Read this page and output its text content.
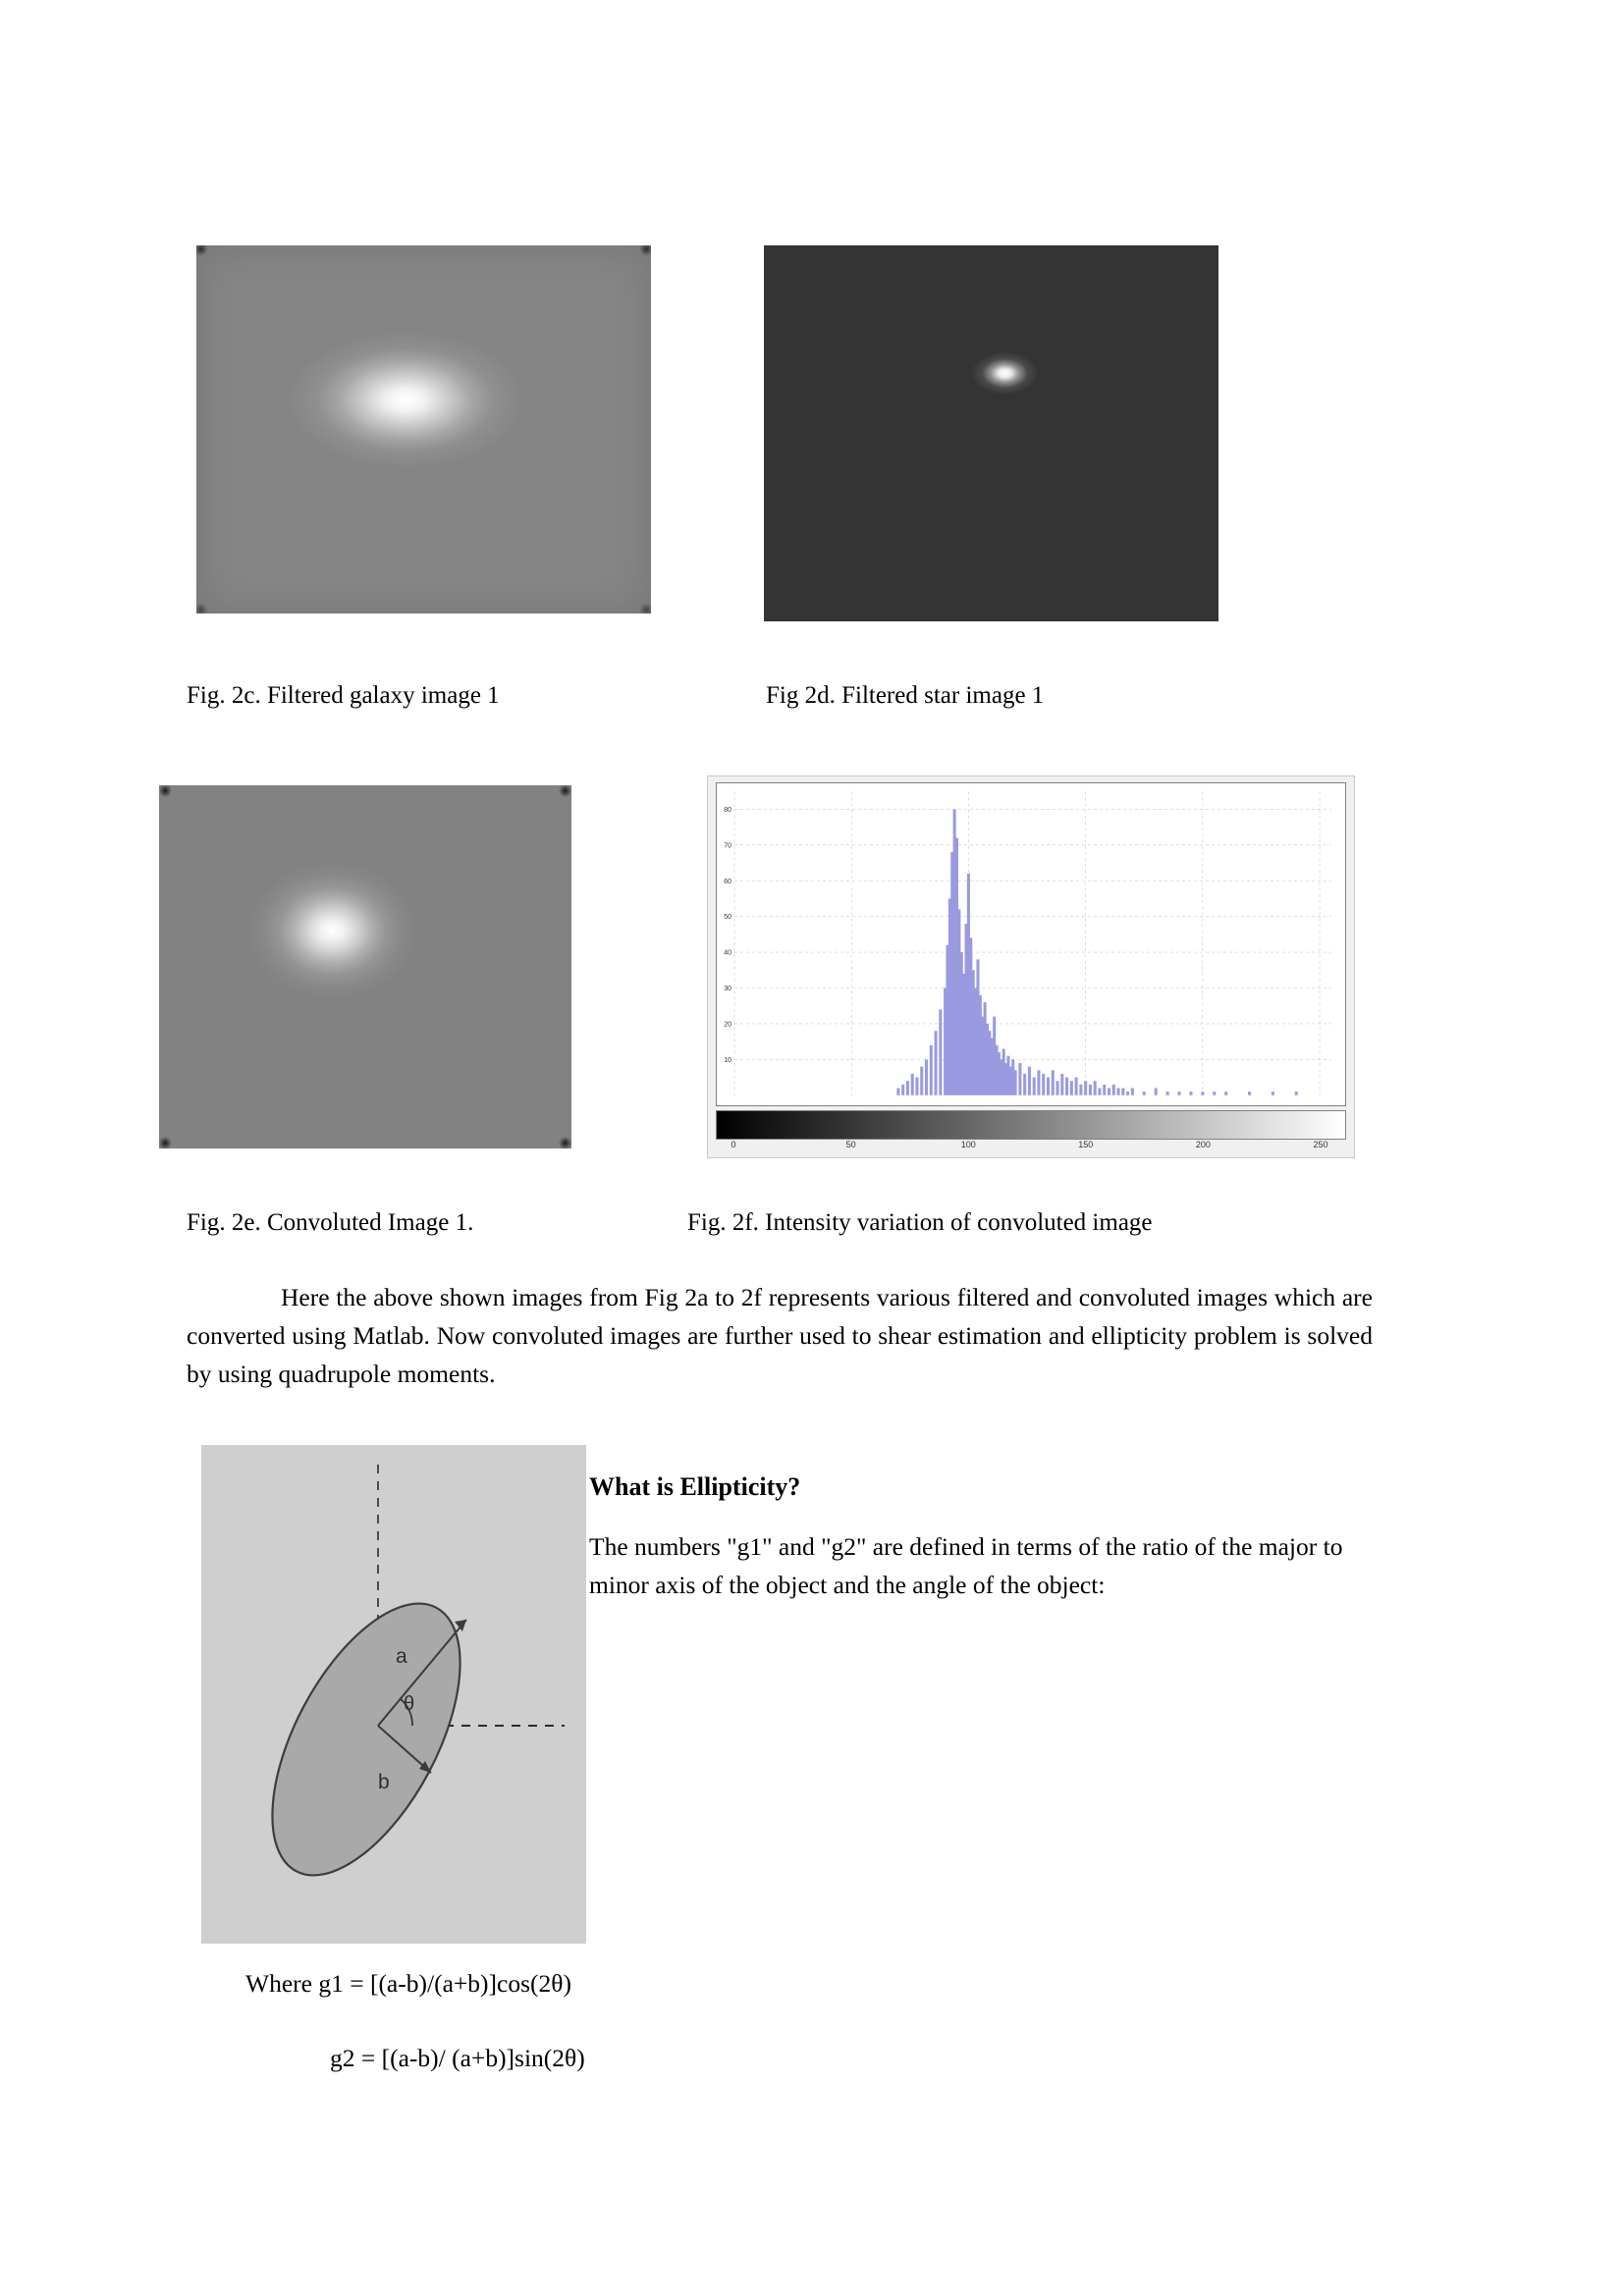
Fig. 2c. Filtered galaxy image 1	Fig 2d. Filtered star image 1
10
20
30
40
50
60
70
80
0	50	100	150	200	250
Fig. 2e. Convoluted Image 1.	Fig. 2f. Intensity variation of convoluted image
Here the above shown images from Fig 2a to 2f represents various filtered and convoluted images which are converted using Matlab. Now convoluted images are further used to shear estimation and ellipticity problem is solved by using quadrupole moments.
a
θ
b
What is Ellipticity?

The numbers "g1" and "g2" are defined in terms of the ratio of the major to minor axis of the object and the angle of the object:

Where g1 = [(a-b)/(a+b)]cos(2θ)
g2 = [(a-b)/ (a+b)]sin(2θ)
